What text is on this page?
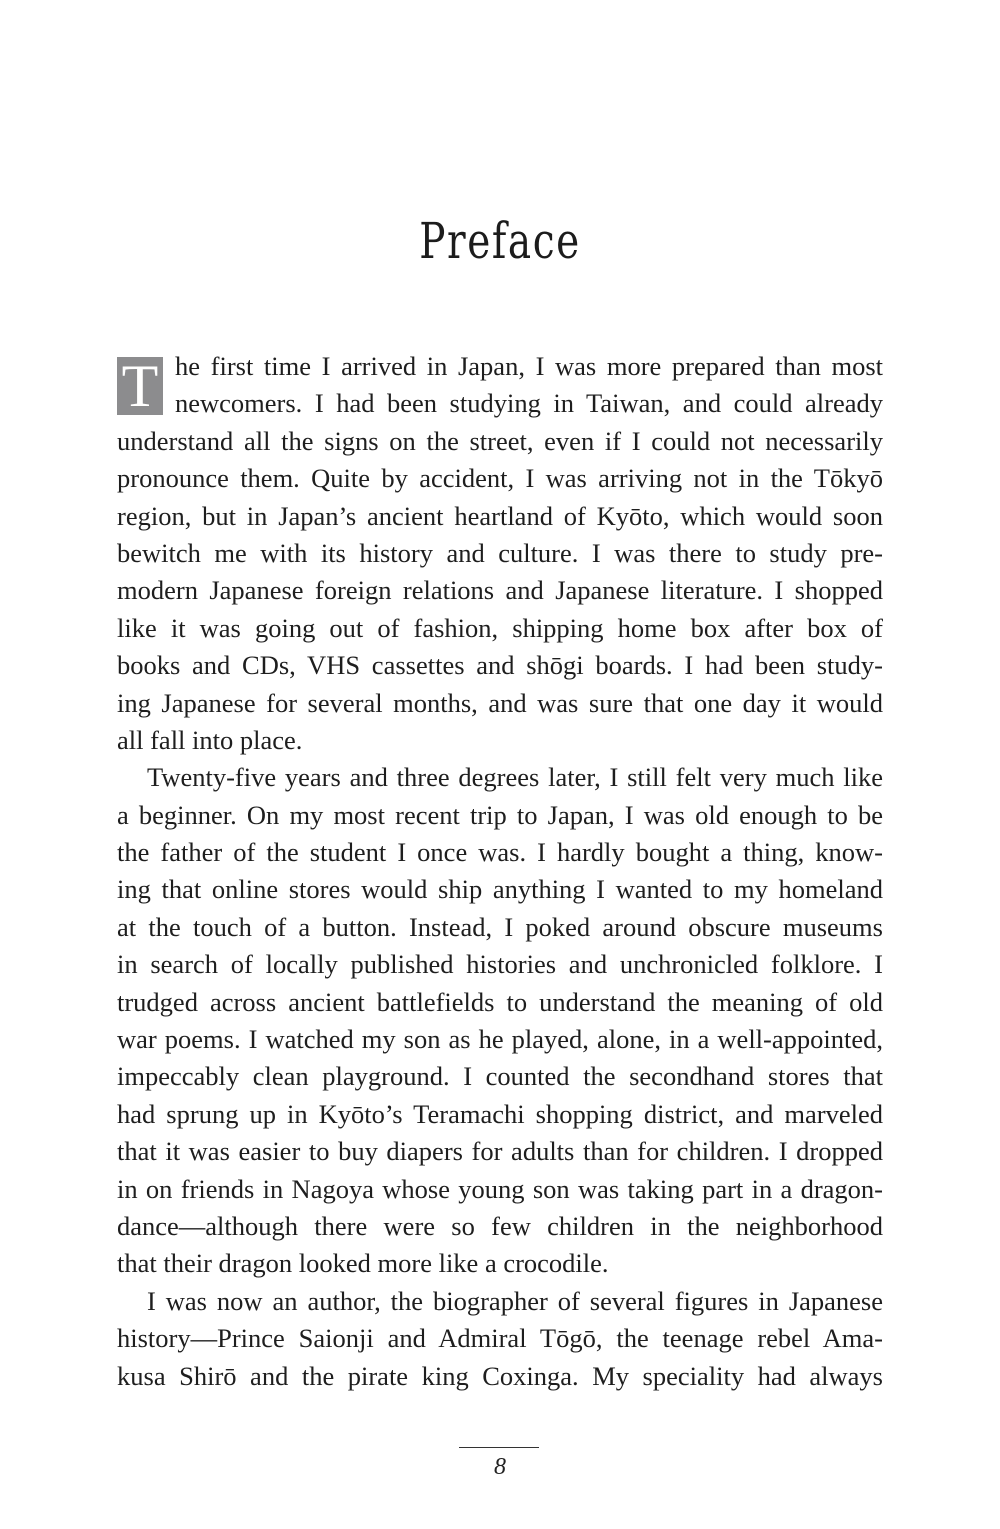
Preface
T he first time I arrived in Japan, I was more prepared than most
newcomers. I had been studying in Taiwan, and could already
understand all the signs on the street, even if I could not necessarily
pronounce them. Quite by accident, I was arriving not in the Tōkyō
region, but in Japan’s ancient heartland of Kyōto, which would soon
bewitch me with its history and culture. I was there to study pre-
modern Japanese foreign relations and Japanese literature. I shopped
like it was going out of fashion, shipping home box after box of
books and CDs, VHS cassettes and shōgi boards. I had been study-
ing Japanese for several months, and was sure that one day it would
all fall into place.
Twenty-five years and three degrees later, I still felt very much like
a beginner. On my most recent trip to Japan, I was old enough to be
the father of the student I once was. I hardly bought a thing, know-
ing that online stores would ship anything I wanted to my homeland
at the touch of a button. Instead, I poked around obscure museums
in search of locally published histories and unchronicled folklore. I
trudged across ancient battlefields to understand the meaning of old
war poems. I watched my son as he played, alone, in a well-appointed,
impeccably clean playground. I counted the secondhand stores that
had sprung up in Kyōto’s Teramachi shopping district, and marveled
that it was easier to buy diapers for adults than for children. I dropped
in on friends in Nagoya whose young son was taking part in a dragon-
dance—although there were so few children in the neighborhood
that their dragon looked more like a crocodile.
I was now an author, the biographer of several figures in Japanese
history—Prince Saionji and Admiral Tōgō, the teenage rebel Ama-
kusa Shirō and the pirate king Coxinga. My speciality had always
8
